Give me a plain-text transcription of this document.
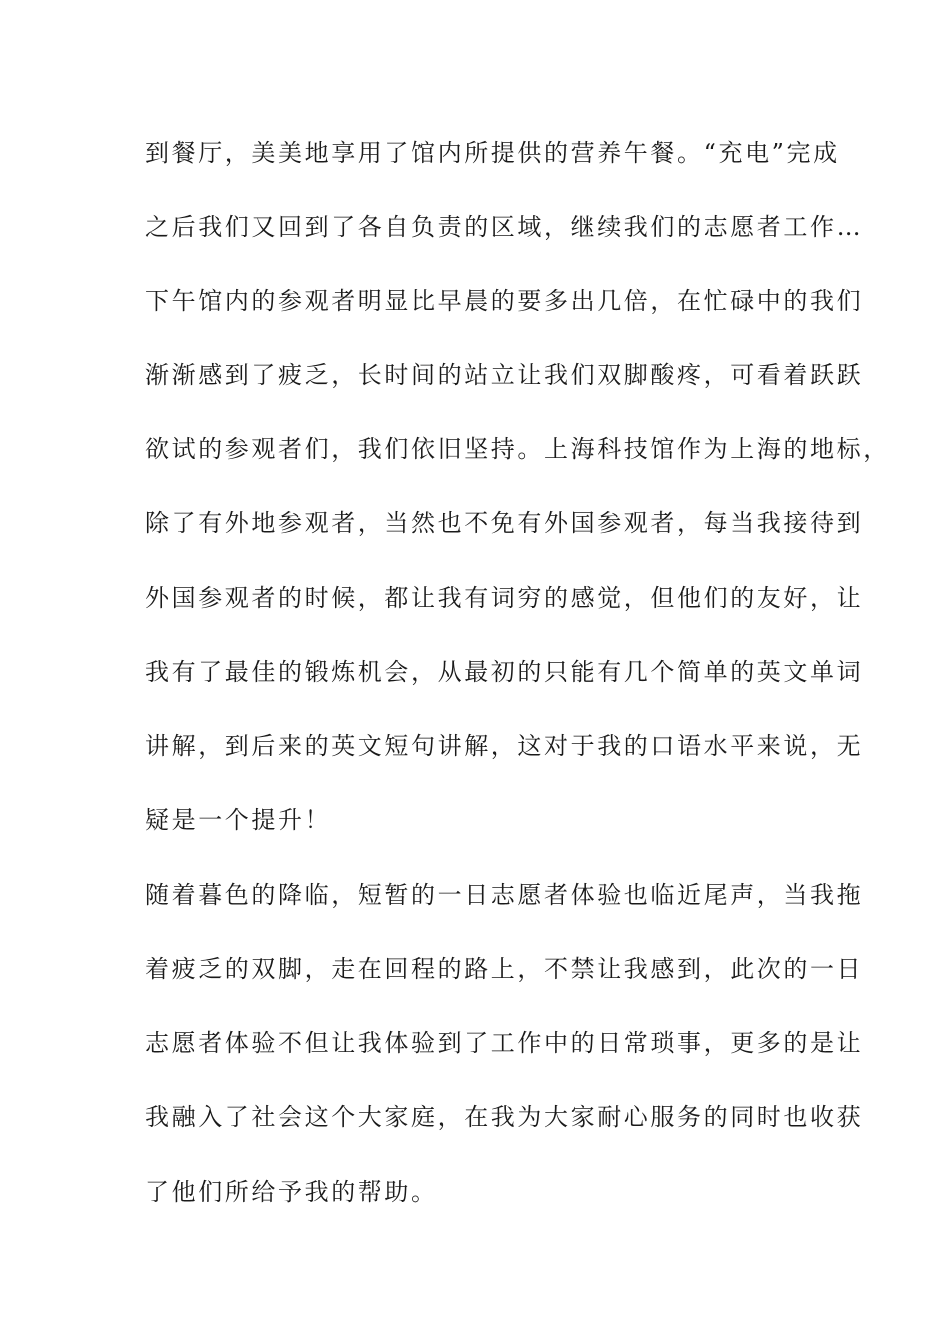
到餐厅，美美地享用了馆内所提供的营养午餐。“充电”完成
之后我们又回到了各自负责的区域，继续我们的志愿者工作…
下午馆内的参观者明显比早晨的要多出几倍，在忙碌中的我们
渐渐感到了疲乏，长时间的站立让我们双脚酸疼，可看着跃跃
欲试的参观者们，我们依旧坚持。上海科技馆作为上海的地标，
除了有外地参观者，当然也不免有外国参观者，每当我接待到
外国参观者的时候，都让我有词穷的感觉，但他们的友好，让
我有了最佳的锻炼机会，从最初的只能有几个简单的英文单词
讲解，到后来的英文短句讲解，这对于我的口语水平来说，无
疑是一个提升！
随着暮色的降临，短暂的一日志愿者体验也临近尾声，当我拖
着疲乏的双脚，走在回程的路上，不禁让我感到，此次的一日
志愿者体验不但让我体验到了工作中的日常琐事，更多的是让
我融入了社会这个大家庭，在我为大家耐心服务的同时也收获
了他们所给予我的帮助。
